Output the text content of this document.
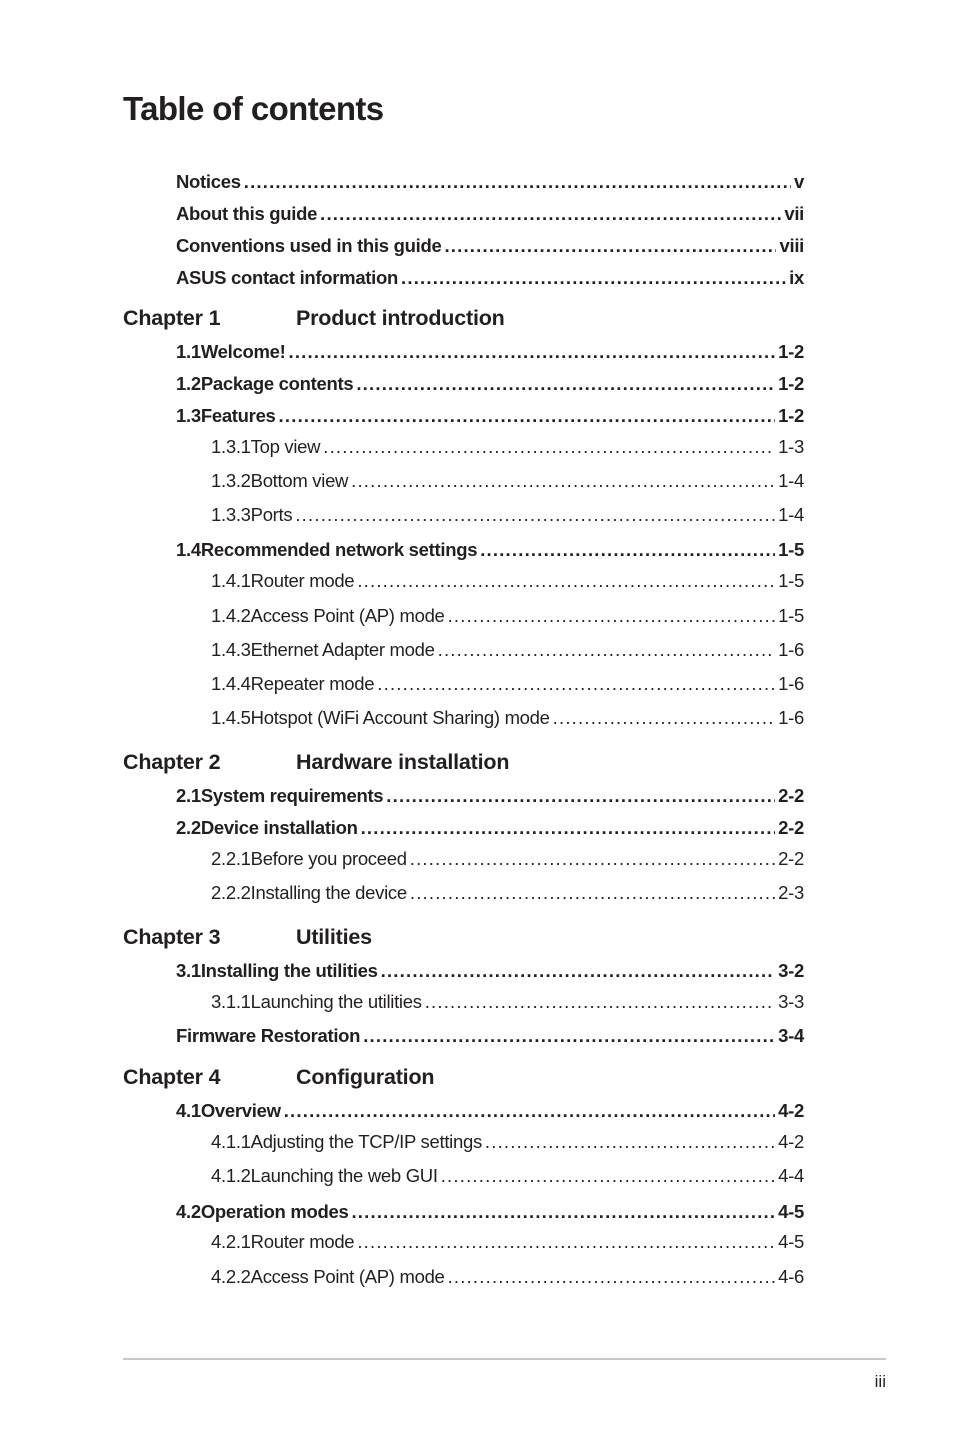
Table of contents
Notices .....	v
About this guide .....	vii
Conventions used in this guide .....	viii
ASUS contact information .....	ix
Chapter 1	Product introduction
1.1 Welcome! .....	1-2
1.2 Package contents .....	1-2
1.3 Features .....	1-2
1.3.1 Top view .....	1-3
1.3.2 Bottom view .....	1-4
1.3.3 Ports .....	1-4
1.4 Recommended network settings .....	1-5
1.4.1 Router mode .....	1-5
1.4.2 Access Point (AP) mode .....	1-5
1.4.3 Ethernet Adapter mode .....	1-6
1.4.4 Repeater mode .....	1-6
1.4.5 Hotspot (WiFi Account Sharing) mode .....	1-6
Chapter 2	Hardware installation
2.1 System requirements .....	2-2
2.2 Device installation .....	2-2
2.2.1 Before you proceed .....	2-2
2.2.2 Installing the device .....	2-3
Chapter 3	Utilities
3.1 Installing the utilities .....	3-2
3.1.1 Launching the utilities .....	3-3
Firmware Restoration .....	3-4
Chapter 4	Configuration
4.1 Overview .....	4-2
4.1.1 Adjusting the TCP/IP settings .....	4-2
4.1.2 Launching the web GUI .....	4-4
4.2 Operation modes .....	4-5
4.2.1 Router mode .....	4-5
4.2.2 Access Point (AP) mode .....	4-6
iii
